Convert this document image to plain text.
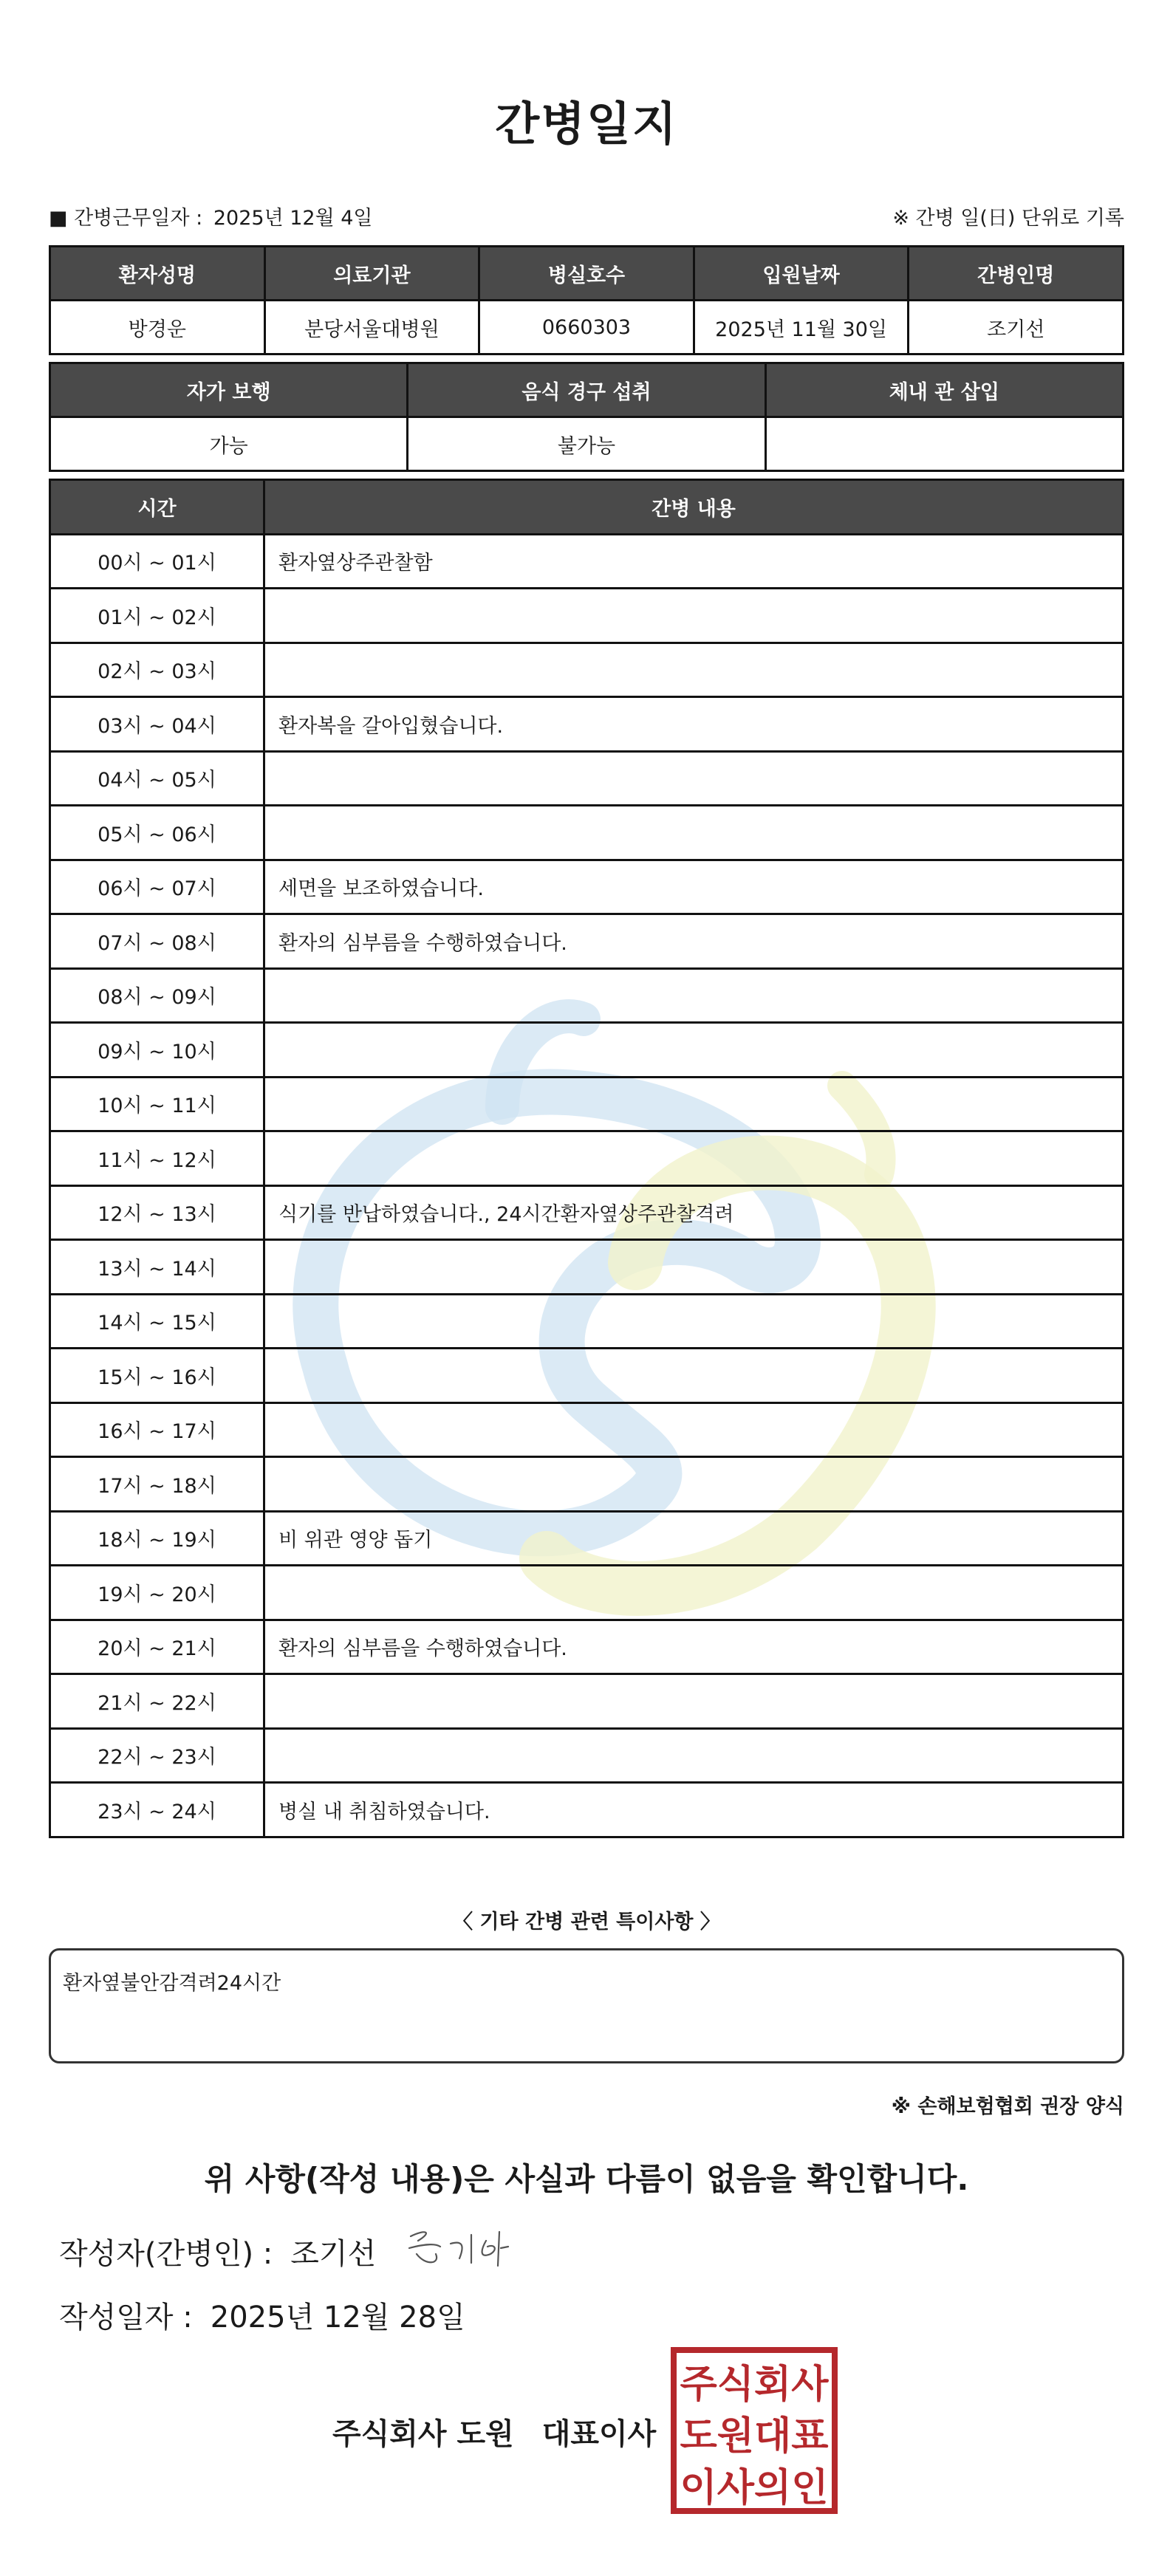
간병일지
■ 간병근무일자 : 2025년 12월 4일	※ 간병 일(日) 단위로 기록
환자성명	의료기관	병실호수	입원날짜	간병인명
방경운	분당서울대병원	0660303	2025년 11월 30일	조기선
자가 보행	음식 경구 섭취	체내 관 삽입
가능	불가능	
시간	간병 내용
00시 ~ 01시	환자옆상주관찰함
01시 ~ 02시	
02시 ~ 03시	
03시 ~ 04시	환자복을 갈아입혔습니다.
04시 ~ 05시	
05시 ~ 06시	
06시 ~ 07시	세면을 보조하였습니다.
07시 ~ 08시	환자의 심부름을 수행하였습니다.
08시 ~ 09시	
09시 ~ 10시	
10시 ~ 11시	
11시 ~ 12시	
12시 ~ 13시	식기를 반납하였습니다., 24시간환자옆상주관찰격려
13시 ~ 14시	
14시 ~ 15시	
15시 ~ 16시	
16시 ~ 17시	
17시 ~ 18시	
18시 ~ 19시	비 위관 영양 돕기
19시 ~ 20시	
20시 ~ 21시	환자의 심부름을 수행하였습니다.
21시 ~ 22시	
22시 ~ 23시	
23시 ~ 24시	병실 내 취침하였습니다.
〈 기타 간병 관련 특이사항 〉
환자옆불안감격려24시간
※ 손해보험협회 권장 양식
위 사항(작성 내용)은 사실과 다름이 없음을 확인합니다.
작성자(간병인) : 조기선
작성일자 : 2025년 12월 28일
주식회사 도원 대표이사
주식회사
도원대표
이사의인
